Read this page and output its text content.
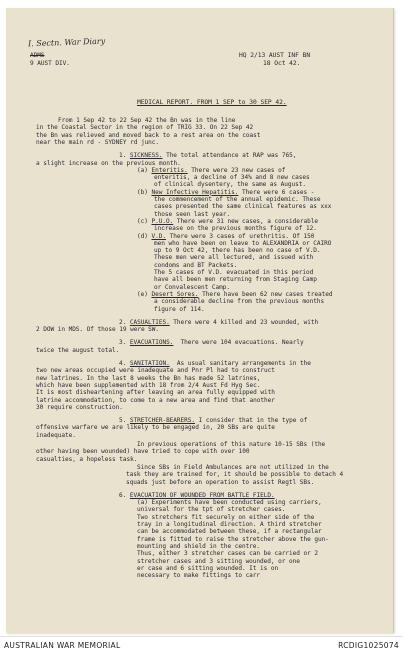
I. Sectn. War Diary
HQ 2/13 AUST INF BN
18 Oct 42.
ADMS
9 AUST DIV.
MEDICAL REPORT. FROM 1 SEP to 30 SEP 42.
From 1 Sep 42 to 22 Sep 42 the Bn was in the line
in the Coastal Sector in the region of TRIG 33. On 22 Sep 42
the Bn was relieved and moved back to a rest area on the coast
near the main rd - SYDNEY rd junc.
1. SICKNESS. The total attendance at RAP was 765,
a slight increase on the previous month.
(a) Enteritis. There were 23 new cases of
enteritis, a decline of 34% and 8 new cases
of clinical dysentery, the same as August.
(b) New Infective Hepatitis. There were 6 cases -
the commencement of the annual epidemic. These
cases presented the same clinical features as xxx
those seen last year.
(c) P.U.O. There were 31 new cases, a considerable
increase on the previous months figure of 12.
(d) V.D. There were 3 cases of urethritis. Of 150
men who have been on leave to ALEXANDRIA or CAIRO
up to 9 Oct 42, there has been no case of V.D.
These men were all lectured, and issued with
condoms and BT Packets.
The 5 cases of V.D. evacuated in this period
have all been men returning from Staging Camp
or Convalescent Camp.
(e) Desert Sores. There have been 62 new cases treated
a considerable decline from the previous months
figure of 114.
2. CASUALTIES. There were 4 killed and 23 wounded, with
2 DOW in MDS. Of those 19 were SW.
3. EVACUATIONS.  There were 104 evacuations. Nearly
twice the august total.
4. SANITATION.  As usual sanitary arrangements in the
two new areas occupied were inadequate and Pnr Pl had to construct
new latrines. In the last 8 weeks the Bn has made 52 latrines,
which have been supplemented with 18 from 2/4 Aust Fd Hyg Sec.
It is most disheartening after leaving an area fully equipped with
latrine accommodation, to come to a new area and find that another
30 require construction.
5. STRETCHER-BEARERS. I consider that in the type of
offensive warfare we are likely to be engaged in, 20 SBs are quite
inadequate.
In previous operations of this nature 10-15 SBs (the
other having been wounded) have tried to cope with over 100
casualties, a hopeless task.
Since SBs in Field Ambulances are not utilized in the
task they are trained for, it should be possible to detach 4
squads just before an operation to assist Regtl SBs.
6. EVACUATION OF WOUNDED FROM BATTLE FIELD.
(a) Experiments have been conducted using carriers,
universal for the tpt of stretcher cases.
Two stretchers fit securely on either side of the
tray in a longitudinal direction. A third stretcher
can be accommodated between these, if a rectangular
frame is fitted to raise the stretcher above the gun-
mounting and shield in the centre.
Thus, either 3 stretcher cases can be carried or 2
stretcher cases and 3 sitting wounded, or one
er case and 6 sitting wounded. It is on
necessary to make fittings to carr
AUSTRALIAN WAR MEMORIAL	RCDIG1025074
